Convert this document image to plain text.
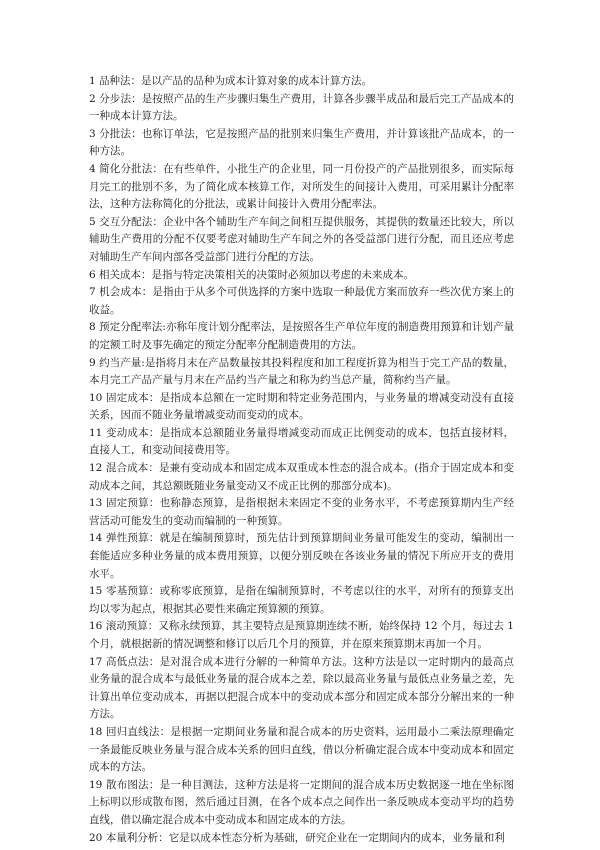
1 品种法：是以产品的品种为成本计算对象的成本计算方法。

2 分步法：是按照产品的生产步骤归集生产费用，计算各步骤半成品和最后完工产品成本的一种成本计算方法。

3 分批法：也称订单法，它是按照产品的批别来归集生产费用，并计算该批产品成本，的一种方法。

4 简化分批法：在有些单件，小批生产的企业里，同一月份投产的产品批别很多，而实际每月完工的批别不多，为了简化成本核算工作，对所发生的间接计入费用，可采用累计分配率法，这种方法称简化的分批法，或累计间接计入费用分配率法。

5 交互分配法：企业中各个辅助生产车间之间相互提供服务，其提供的数量还比较大，所以辅助生产费用的分配不仅要考虑对辅助生产车间之外的各受益部门进行分配，而且还应考虑对辅助生产车间内部各受益部门进行分配的方法。

6 相关成本：是指与特定决策相关的决策时必须加以考虑的未来成本。

7 机会成本：是指由于从多个可供选择的方案中选取一种最优方案而放弃一些次优方案上的收益。

8 预定分配率法:亦称年度计划分配率法，是按照各生产单位年度的制造费用预算和计划产量的定额工时及事先确定的预定分配率分配制造费用的方法。

9 约当产量:是指将月末在产品数量按其投料程度和加工程度折算为相当于完工产品的数量，本月完工产品产量与月末在产品约当产量之和称为约当总产量，简称约当产量。

10 固定成本：是指成本总额在一定时期和特定业务范围内，与业务量的增减变动没有直接关系，因而不随业务量增减变动而变动的成本。

11 变动成本：是指成本总额随业务量得增减变动而成正比例变动的成本，包括直接材料，直接人工，和变动间接费用等。

12 混合成本：是兼有变动成本和固定成本双重成本性态的混合成本。(指介于固定成本和变动成本之间，其总额既随业务量变动又不成正比例的那部分成本)。

13 固定预算：也称静态预算，是指根据未来固定不变的业务水平，不考虑预算期内生产经营活动可能发生的变动而编制的一种预算。

14 弹性预算：就是在编制预算时，预先估计到预算期间业务量可能发生的变动，编制出一套能适应多种业务量的成本费用预算，以便分别反映在各该业务量的情况下所应开支的费用水平。

15 零基预算：或称零底预算，是指在编制预算时，不考虑以往的水平，对所有的预算支出均以零为起点，根据其必要性来确定预算额的预算。

16 滚动预算：又称永续预算，其主要特点是预算期连续不断，始终保持 12 个月，每过去 1 个月，就根据新的情况调整和修订以后几个月的预算，并在原来预算期末再加一个月。

17 高低点法：是对混合成本进行分解的一种简单方法。这种方法是以一定时期内的最高点业务量的混合成本与最低业务量的混合成本之差，除以最高业务量与最低点业务量之差，先计算出单位变动成本，再据以把混合成本中的变动成本部分和固定成本部分分解出来的一种方法。

18 回归直线法：是根据一定期间业务量和混合成本的历史资料，运用最小二乘法原理确定一条最能反映业务量与混合成本关系的回归直线，借以分析确定混合成本中变动成本和固定成本的方法。

19 散布图法：是一种目测法，这种方法是将一定期间的混合成本历史数据逐一地在坐标图上标明以形成散布图，然后通过目测，在各个成本点之间作出一条反映成本变动平均的趋势直线，借以确定混合成本中变动成本和固定成本的方法。

20 本量利分析：它是以成本性态分析为基础，研究企业在一定期间内的成本，业务量和利
